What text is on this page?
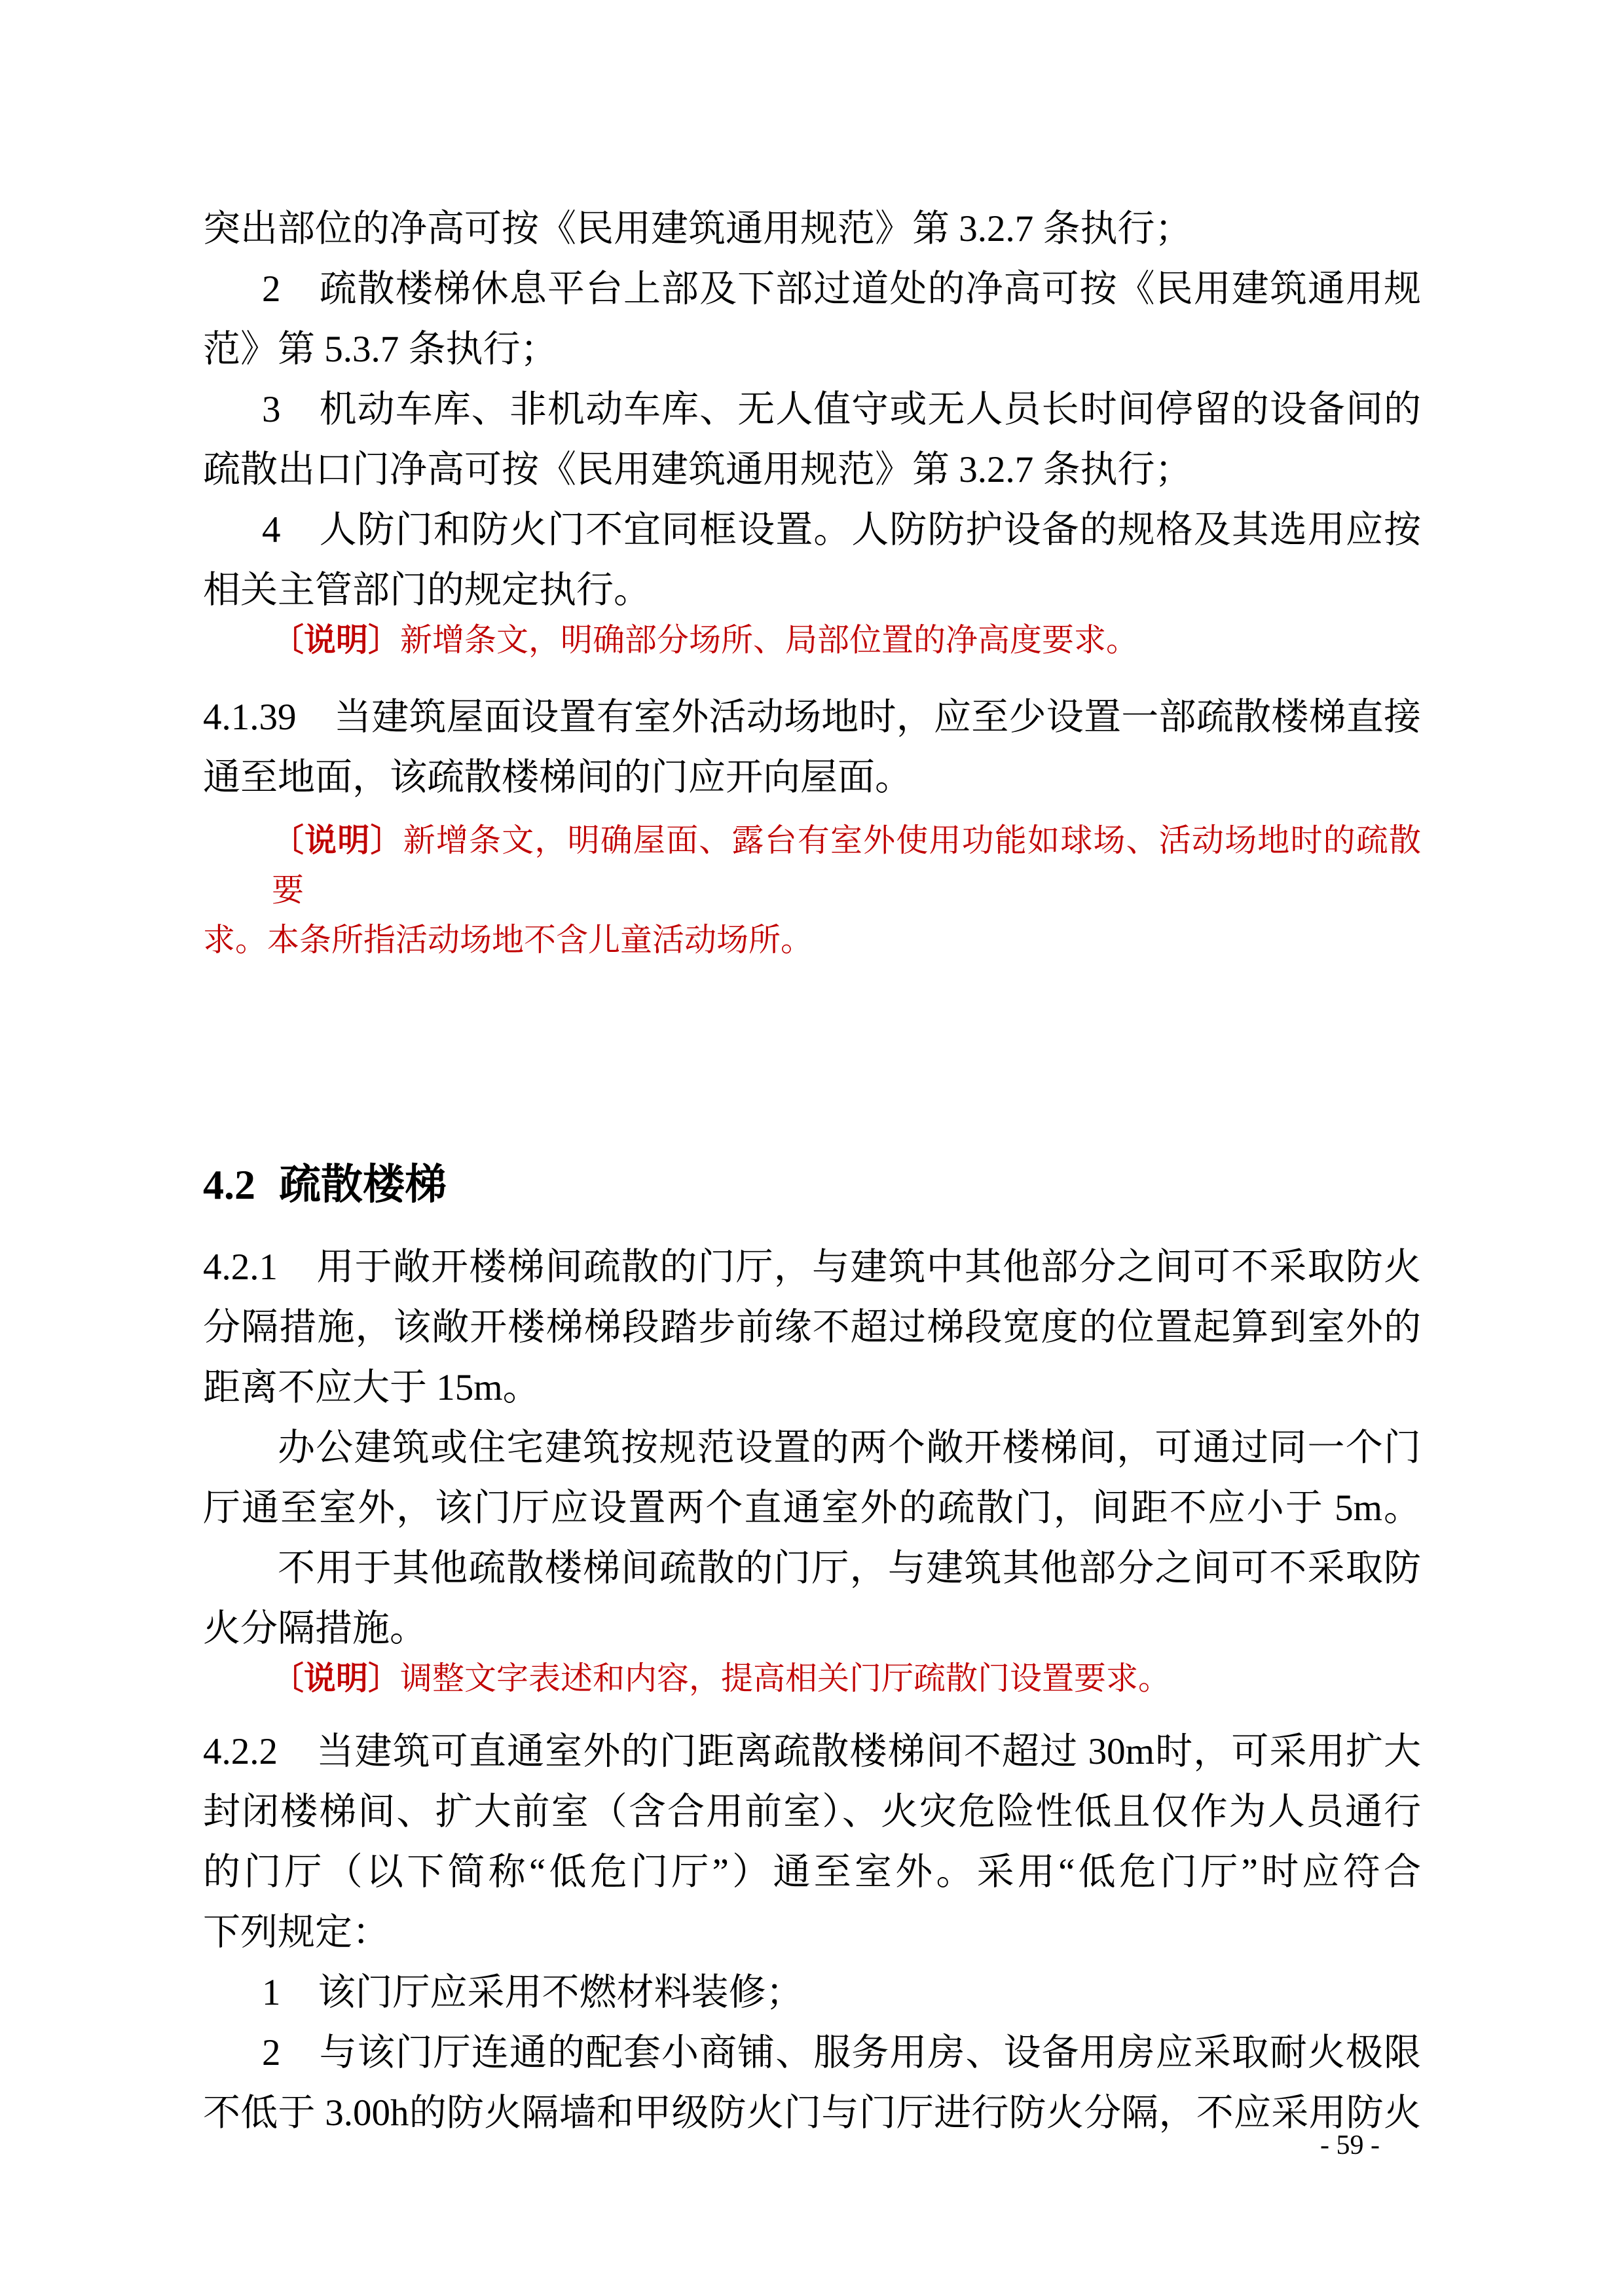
突出部位的净高可按《民用建筑通用规范》第 3.2.7 条执行；
2　疏散楼梯休息平台上部及下部过道处的净高可按《民用建筑通用规
范》第 5.3.7 条执行；
3　机动车库、非机动车库、无人值守或无人员长时间停留的设备间的
疏散出口门净高可按《民用建筑通用规范》第 3.2.7 条执行；
4　人防门和防火门不宜同框设置。人防防护设备的规格及其选用应按
相关主管部门的规定执行。
〔说明〕新增条文，明确部分场所、局部位置的净高度要求。
4.1.39　当建筑屋面设置有室外活动场地时，应至少设置一部疏散楼梯直接
通至地面，该疏散楼梯间的门应开向屋面。
〔说明〕新增条文，明确屋面、露台有室外使用功能如球场、活动场地时的疏散要
求。本条所指活动场地不含儿童活动场所。
4.2 疏散楼梯
4.2.1　用于敞开楼梯间疏散的门厅，与建筑中其他部分之间可不采取防火
分隔措施，该敞开楼梯梯段踏步前缘不超过梯段宽度的位置起算到室外的
距离不应大于 15m。
办公建筑或住宅建筑按规范设置的两个敞开楼梯间，可通过同一个门
厅通至室外，该门厅应设置两个直通室外的疏散门，间距不应小于 5m。
不用于其他疏散楼梯间疏散的门厅，与建筑其他部分之间可不采取防
火分隔措施。
〔说明〕调整文字表述和内容，提高相关门厅疏散门设置要求。
4.2.2　当建筑可直通室外的门距离疏散楼梯间不超过 30m时，可采用扩大
封闭楼梯间、扩大前室（含合用前室）、火灾危险性低且仅作为人员通行
的门厅（以下简称“低危门厅”）通至室外。采用“低危门厅”时应符合
下列规定：
1　该门厅应采用不燃材料装修；
2　与该门厅连通的配套小商铺、服务用房、设备用房应采取耐火极限
不低于 3.00h的防火隔墙和甲级防火门与门厅进行防火分隔，不应采用防火
- 59 -
